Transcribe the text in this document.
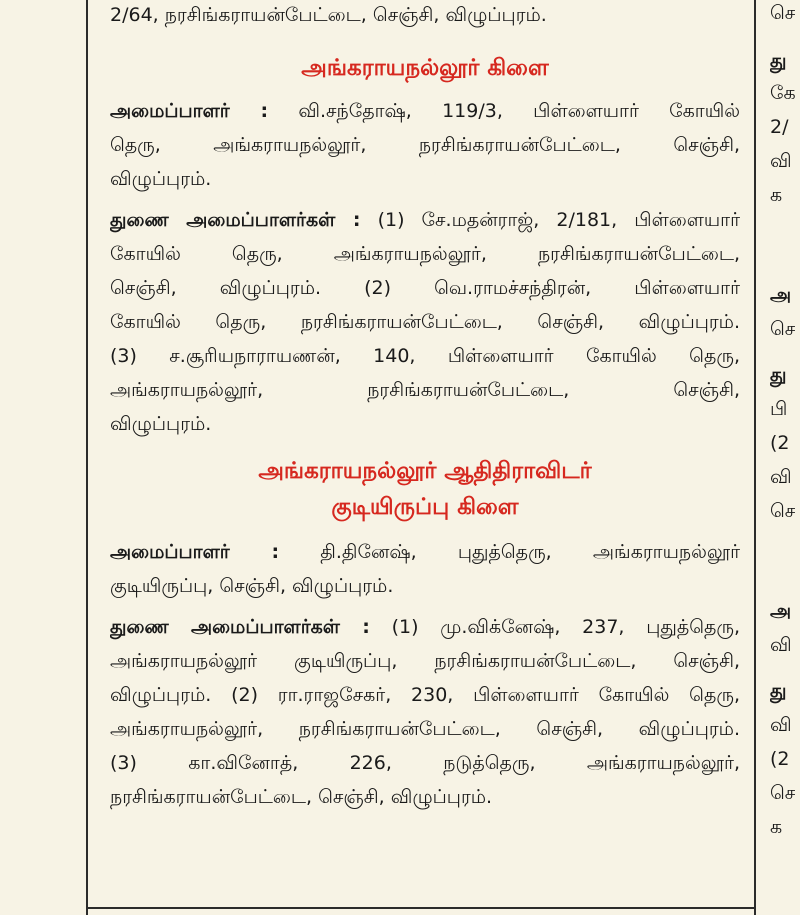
2/64, நரசிங்கராயன்பேட்டை, செஞ்சி, விழுப்புரம்.
அங்கராயநல்லூர் கிளை
அமைப்பாளர் : வி.சந்தோஷ், 119/3, பிள்ளையார் கோயில்
தெரு, அங்கராயநல்லூர், நரசிங்கராயன்பேட்டை, செஞ்சி,
விழுப்புரம்.
துணை அமைப்பாளர்கள் : (1) சே.மதன்ராஜ், 2/181, பிள்ளையார்
கோயில் தெரு, அங்கராயநல்லூர், நரசிங்கராயன்பேட்டை,
செஞ்சி, விழுப்புரம். (2) வெ.ராமச்சந்திரன், பிள்ளையார்
கோயில் தெரு, நரசிங்கராயன்பேட்டை, செஞ்சி, விழுப்புரம்.
(3) ச.சூரியநாராயணன், 140, பிள்ளையார் கோயில் தெரு,
அங்கராயநல்லூர், நரசிங்கராயன்பேட்டை, செஞ்சி,
விழுப்புரம்.
அங்கராயநல்லூர் ஆதிதிராவிடர்
குடியிருப்பு கிளை
அமைப்பாளர் : தி.தினேஷ், புதுத்தெரு, அங்கராயநல்லூர்
குடியிருப்பு, செஞ்சி, விழுப்புரம்.
துணை அமைப்பாளர்கள் : (1) மு.விக்னேஷ், 237, புதுத்தெரு,
அங்கராயநல்லூர் குடியிருப்பு, நரசிங்கராயன்பேட்டை, செஞ்சி,
விழுப்புரம். (2) ரா.ராஜசேகர், 230, பிள்ளையார் கோயில் தெரு,
அங்கராயநல்லூர், நரசிங்கராயன்பேட்டை, செஞ்சி, விழுப்புரம்.
(3) கா.வினோத், 226, நடுத்தெரு, அங்கராயநல்லூர்,
நரசிங்கராயன்பேட்டை, செஞ்சி, விழுப்புரம்.
செ
து
கே
2/
வி
க
அ
செ
து
பி
(2
வி
செ
அ
வி
து
வி
(2
செ
க
